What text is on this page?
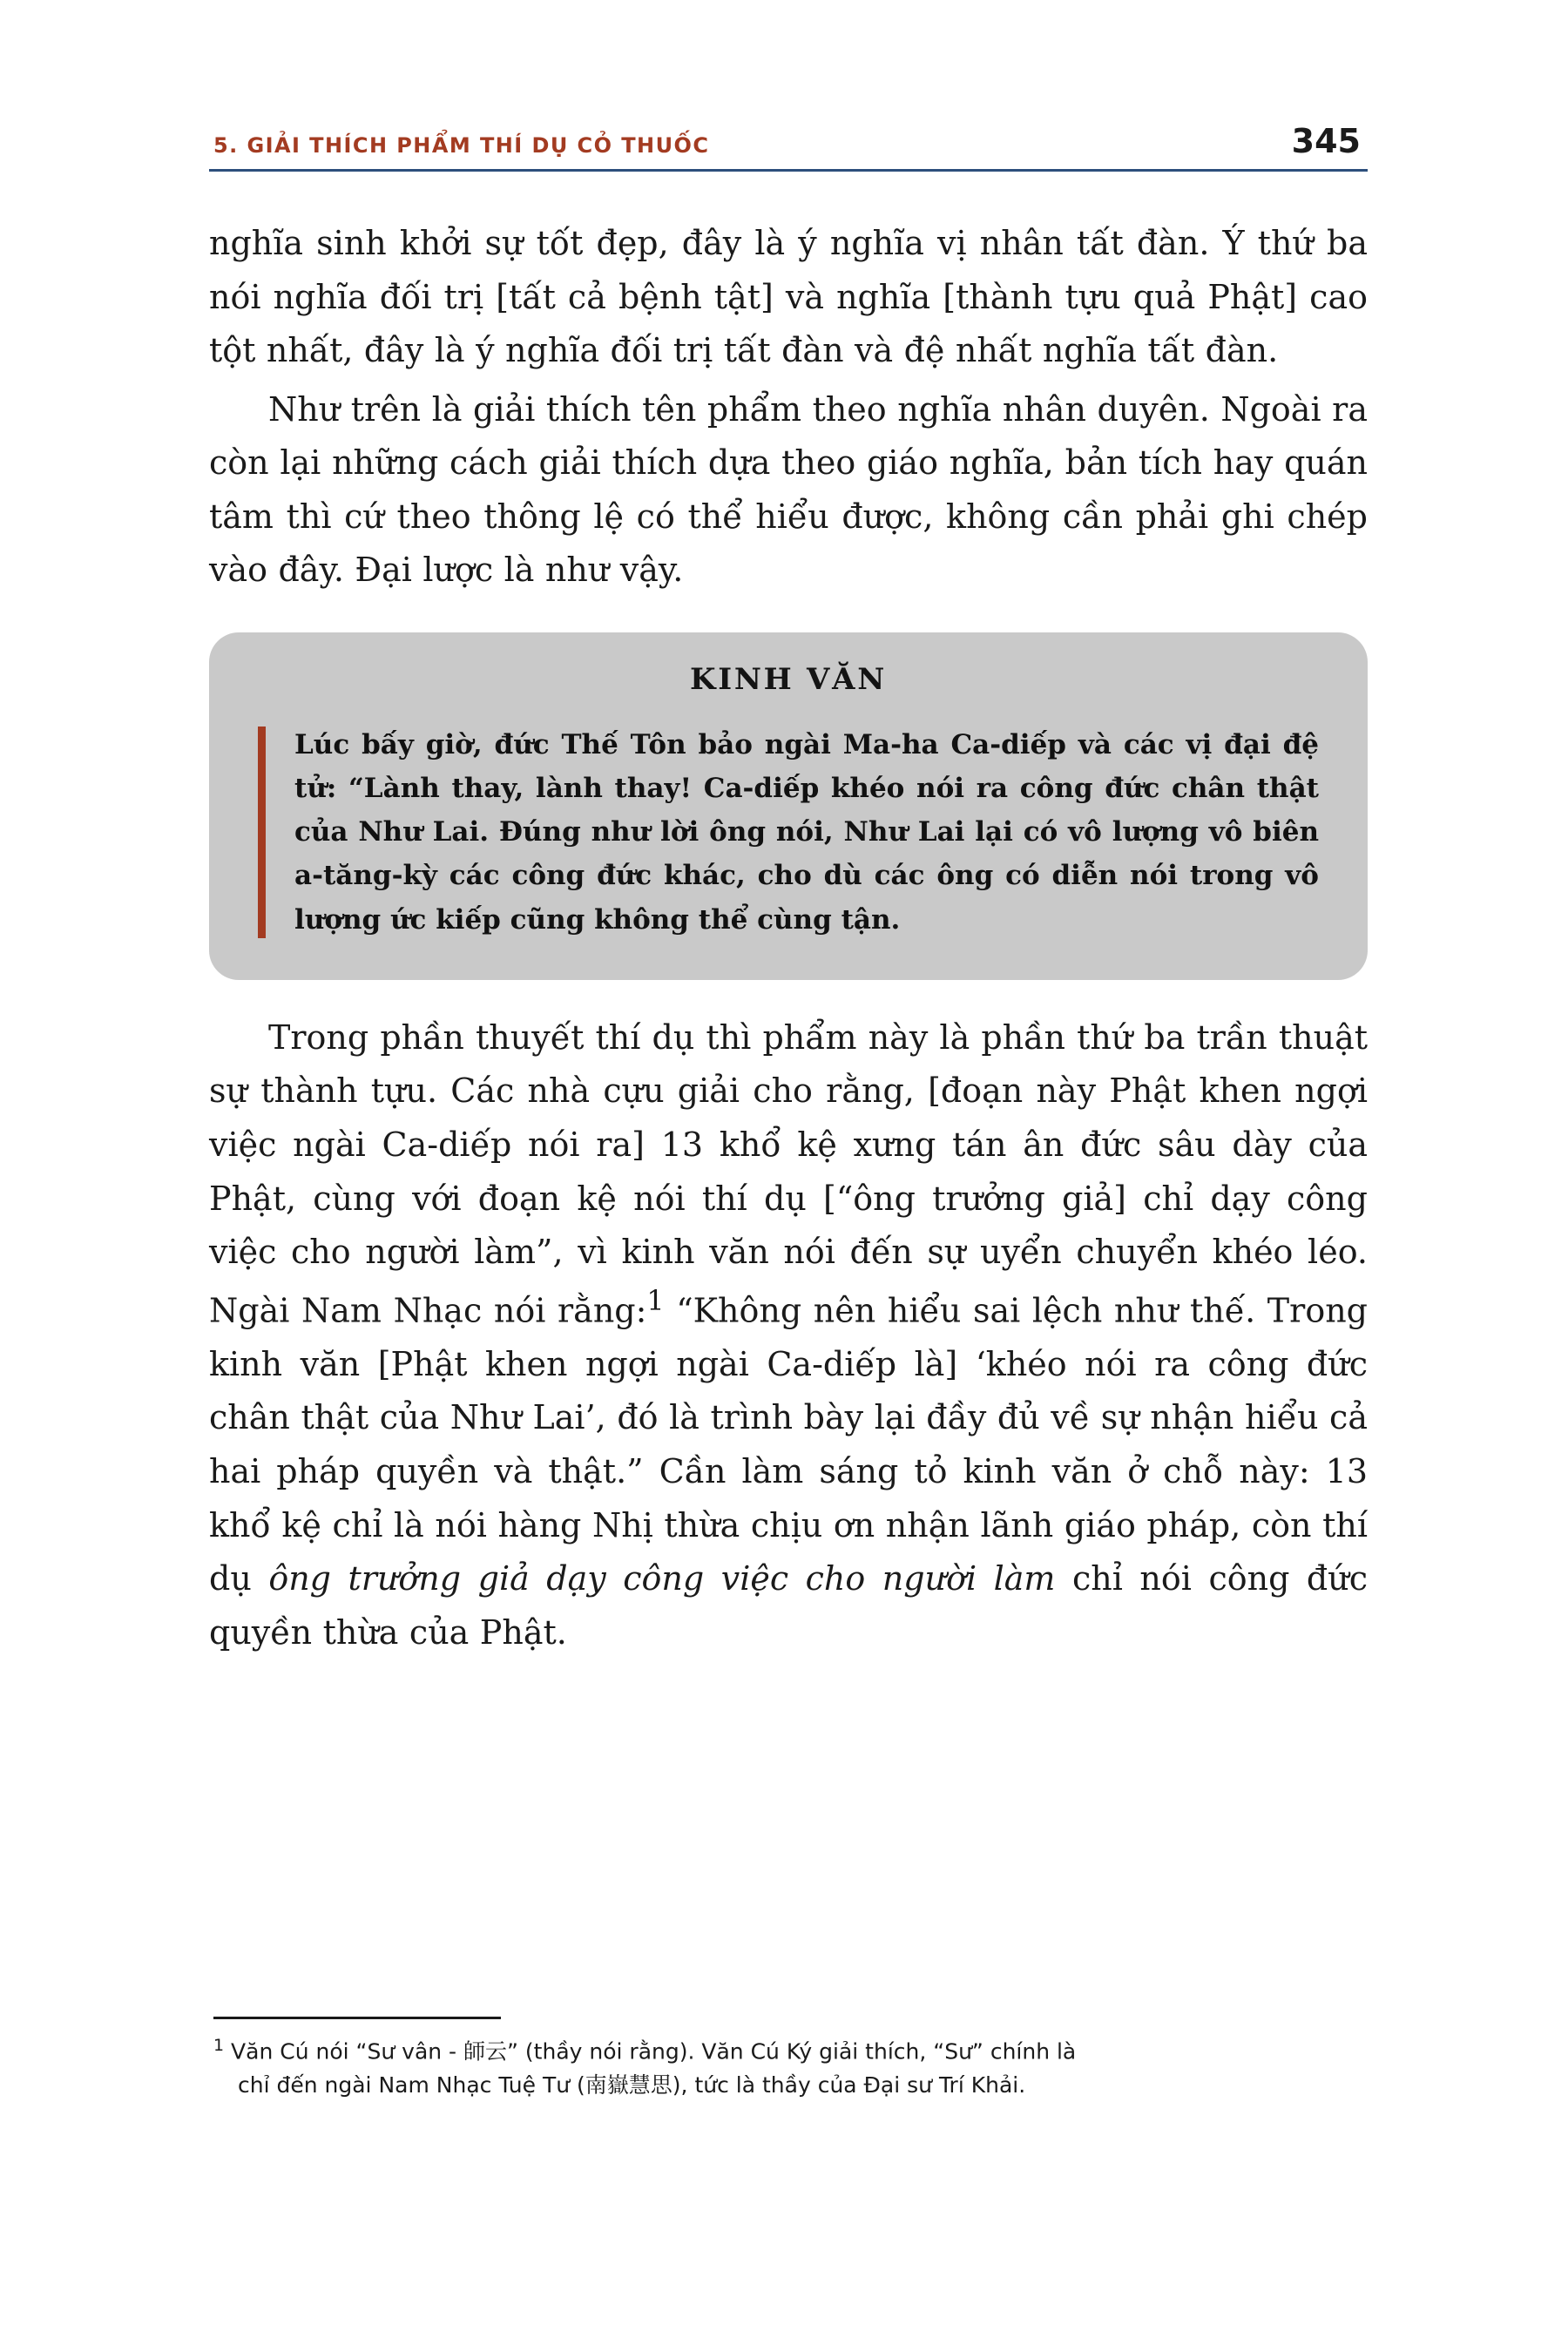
5. GIẢI THÍCH PHẨM THÍ DỤ CỎ THUỐC	345

nghĩa sinh khởi sự tốt đẹp, đây là ý nghĩa vị nhân tất đàn. Ý thứ ba nói nghĩa đối trị [tất cả bệnh tật] và nghĩa [thành tựu quả Phật] cao tột nhất, đây là ý nghĩa đối trị tất đàn và đệ nhất nghĩa tất đàn.

Như trên là giải thích tên phẩm theo nghĩa nhân duyên. Ngoài ra còn lại những cách giải thích dựa theo giáo nghĩa, bản tích hay quán tâm thì cứ theo thông lệ có thể hiểu được, không cần phải ghi chép vào đây. Đại lược là như vậy.

KINH VĂN

Lúc bấy giờ, đức Thế Tôn bảo ngài Ma-ha Ca-diếp và các vị đại đệ tử: “Lành thay, lành thay! Ca-diếp khéo nói ra công đức chân thật của Như Lai. Đúng như lời ông nói, Như Lai lại có vô lượng vô biên a-tăng-kỳ các công đức khác, cho dù các ông có diễn nói trong vô lượng ức kiếp cũng không thể cùng tận.

Trong phần thuyết thí dụ thì phẩm này là phần thứ ba trần thuật sự thành tựu. Các nhà cựu giải cho rằng, [đoạn này Phật khen ngợi việc ngài Ca-diếp nói ra] 13 khổ kệ xưng tán ân đức sâu dày của Phật, cùng với đoạn kệ nói thí dụ [“ông trưởng giả] chỉ dạy công việc cho người làm”, vì kinh văn nói đến sự uyển chuyển khéo léo. Ngài Nam Nhạc nói rằng:$^1$ “Không nên hiểu sai lệch như thế. Trong kinh văn [Phật khen ngợi ngài Ca-diếp là] ‘khéo nói ra công đức chân thật của Như Lai’, đó là trình bày lại đầy đủ về sự nhận hiểu cả hai pháp quyền và thật.” Cần làm sáng tỏ kinh văn ở chỗ này: 13 khổ kệ chỉ là nói hàng Nhị thừa chịu ơn nhận lãnh giáo pháp, còn thí dụ ông trưởng giả dạy công việc cho người làm chỉ nói công đức quyền thừa của Phật.

$^1$ Văn Cú nói “Sư vân - 師云” (thầy nói rằng). Văn Cú Ký giải thích, “Sư” chính là
chỉ đến ngài Nam Nhạc Tuệ Tư (南嶽慧思), tức là thầy của Đại sư Trí Khải.
